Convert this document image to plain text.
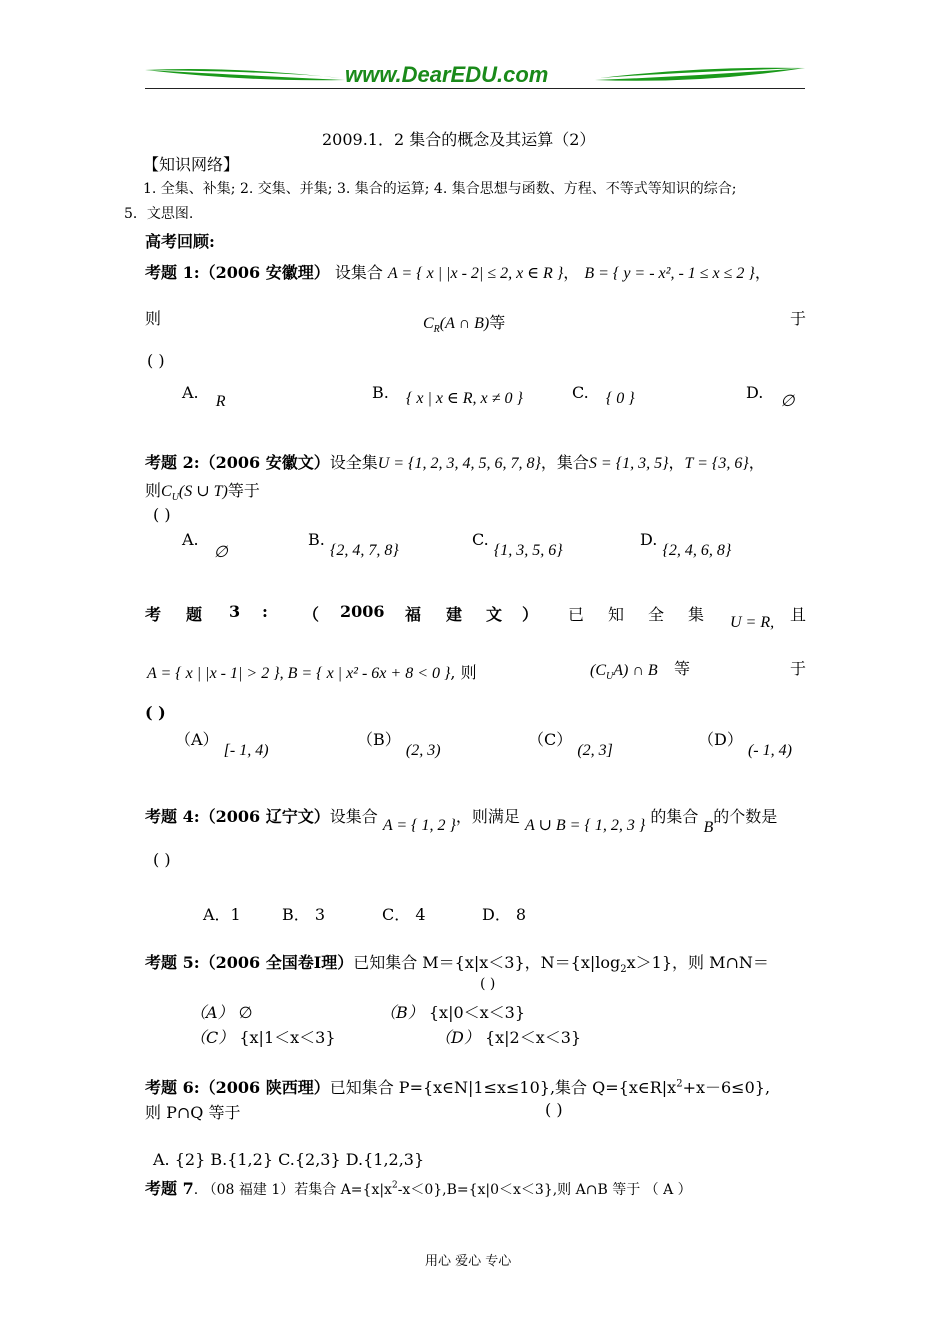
www.DearEDU.com
2009.1．2 集合的概念及其运算（2）
【知识网络】
1. 全集、补集; 2. 交集、并集; 3. 集合的运算; 4. 集合思想与函数、方程、不等式等知识的综合;
5．文思图.
高考回顾:
考题 1:（2006 安徽理） 设集合 A = { x | |x - 2| ≤ 2, x ∈ R }， B = { y = - x², - 1 ≤ x ≤ 2 }，
则	$C_R(A$ ∩ B)等	于
( )
A. R	B. { x | x ∈ R, x ≠ 0 }	C. { 0 }	D. ∅
考题 2:（2006 安徽文）设全集U = {1, 2, 3, 4, 5, 6, 7, 8}，集合S = {1, 3, 5}，T = {3, 6}，
则$C_U(S$ ∪ T)等于
( )
A. ∅
B. {2, 4, 7, 8}
C. {1, 3, 5, 6}
D. {2, 4, 6, 8}
考 题 3 : （ 2006 福 建 文 ） 已 知 全 集 U = R, 且
A = { x | |x - 1| > 2 }, B = { x | x² - 6x + 8 < 0 }, 则	$(C_UA)$ ∩ B 等	于
( )
（A） [- 1, 4)
（B） (2, 3)
（C） (2, 3]
（D） (- 1, 4)
考题 4:（2006 辽宁文）设集合 A = { 1, 2 }，则满足 A ∪ B = { 1, 2, 3 } 的集合 B的个数是
( )
A．1	B． 3	C． 4	D． 8
考题 5:（2006 全国卷I理）已知集合 M＝{x|x＜3}，$N=\{x|\log_2x>1\}$，则 M∩N＝
( )
（A） ∅	（B） {x|0＜x＜3}
（C） {x|1＜x＜3}	（D） {x|2＜x＜3}
考题 6:（2006 陕西理）已知集合 P={x∈N|1≤x≤10},集合 $Q=\{x\in R|x^2+x-6\le 0\}$,
则 P∩Q 等于	( )
A. {2} B.{1,2} C.{2,3} D.{1,2,3}
考题 7. （08 福建 1）若集合 $A=\{x|x^2-x<0\},B=\{x|0<x<3\}$,则 A∩B 等于 （ A ）
用心 爱心 专心
